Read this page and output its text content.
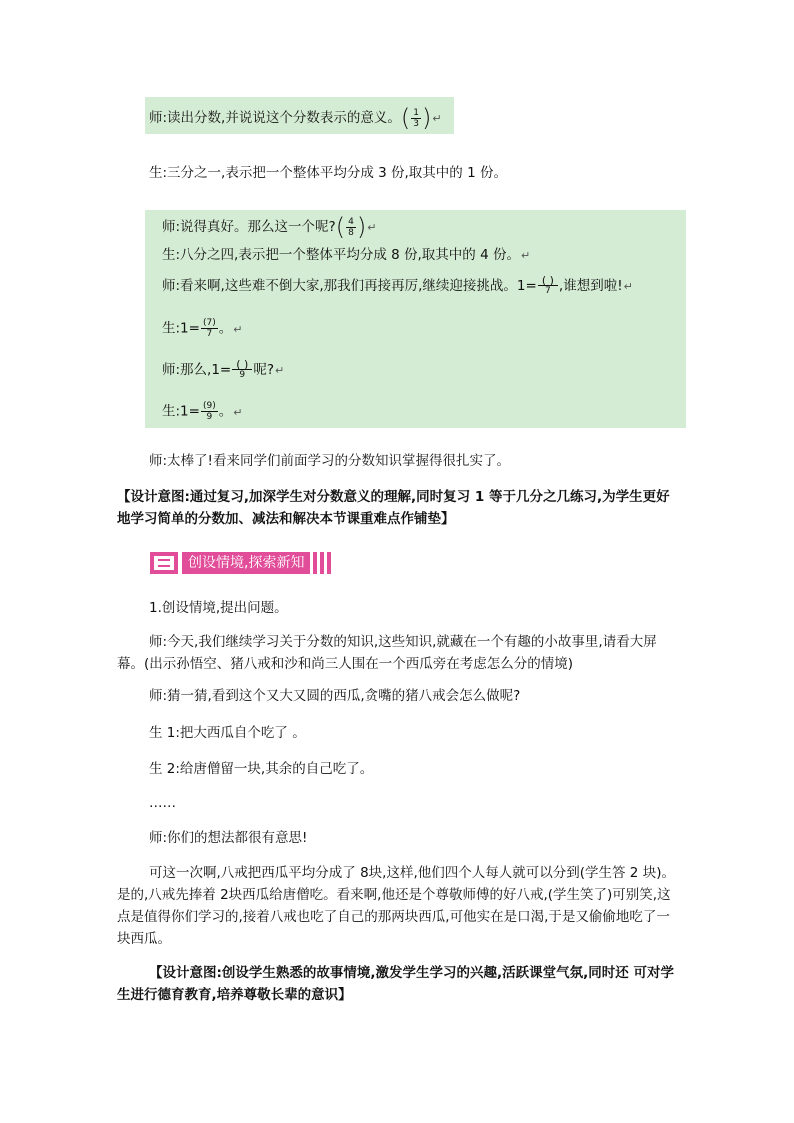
师:读出分数,并说说这个分数表示的意义。 ( $\frac{1}{3}$ ) ↵
生:三分之一,表示把一个整体平均分成 3 份,取其中的 1 份。
师:说得真好。那么这一个呢? ( $\frac{4}{8}$ ) ↵
生:八分之四,表示把一个整体平均分成 8 份,取其中的 4 份。↵
师:看来啊,这些难不倒大家,那我们再接再厉,继续迎接挑战。$1= \frac{( )}{7}$ ,谁想到啦!↵
生:1= $\frac{(7)}{7}$ 。↵
师:那么$,1= \frac{( )}{9}$ 呢?↵
生:1= $\frac{(9)}{9}$ 。↵
师:太棒了!看来同学们前面学习的分数知识掌握得很扎实了。
【设计意图:通过复习,加深学生对分数意义的理解,同时复习 1 等于几分之几练习,为学生更好地学习简单的分数加、减法和解决本节课重难点作铺垫】
创设情境,探索新知
1.创设情境,提出问题。
师:今天,我们继续学习关于分数的知识,这些知识,就藏在一个有趣的小故事里,请看大屏幕。(出示孙悟空、猪八戒和沙和尚三人围在一个西瓜旁在考虑怎么分的情境)
师:猜一猜,看到这个又大又圆的西瓜,贪嘴的猪八戒会怎么做呢?
生 1:把大西瓜自个吃了 。
生 2:给唐僧留一块,其余的自己吃了。
……
师:你们的想法都很有意思!
可这一次啊,八戒把西瓜平均分成了 8块,这样,他们四个人每人就可以分到(学生答 2 块)。是的,八戒先捧着 2块西瓜给唐僧吃。看来啊,他还是个尊敬师傅的好八戒,(学生笑了)可别笑,这点是值得你们学习的,接着八戒也吃了自己的那两块西瓜,可他实在是口渴,于是又偷偷地吃了一块西瓜。
【设计意图:创设学生熟悉的故事情境,激发学生学习的兴趣,活跃课堂气氛,同时还 可对学生进行德育教育,培养尊敬长辈的意识】
